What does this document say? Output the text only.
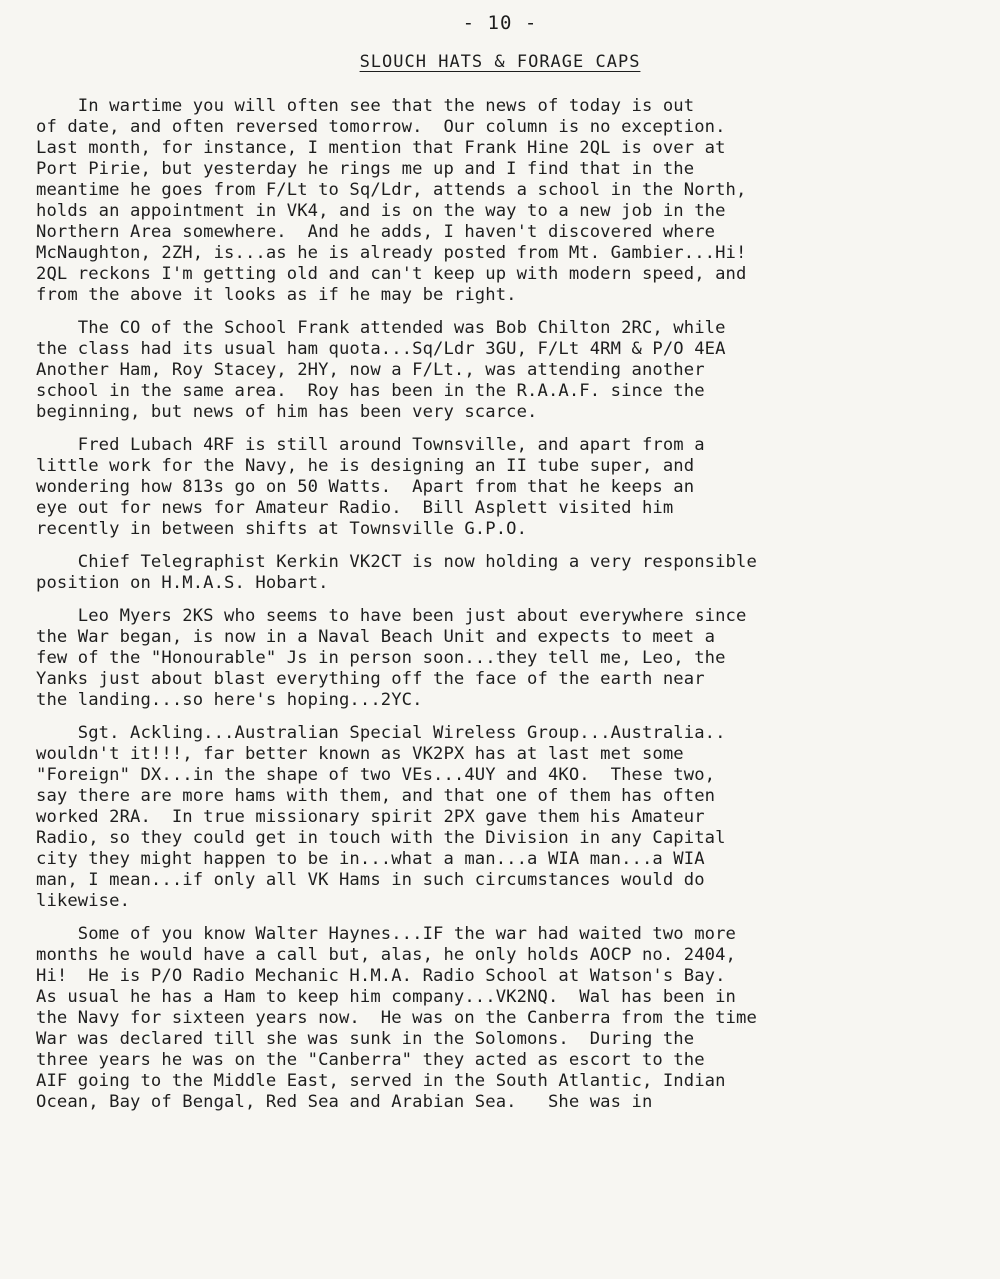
- 10 -
SLOUCH HATS & FORAGE CAPS
In wartime you will often see that the news of today is out
of date, and often reversed tomorrow.  Our column is no exception.
Last month, for instance, I mention that Frank Hine 2QL is over at
Port Pirie, but yesterday he rings me up and I find that in the
meantime he goes from F/Lt to Sq/Ldr, attends a school in the North,
holds an appointment in VK4, and is on the way to a new job in the
Northern Area somewhere.  And he adds, I haven't discovered where
McNaughton, 2ZH, is...as he is already posted from Mt. Gambier...Hi!
2QL reckons I'm getting old and can't keep up with modern speed, and
from the above it looks as if he may be right.
The CO of the School Frank attended was Bob Chilton 2RC, while
the class had its usual ham quota...Sq/Ldr 3GU, F/Lt 4RM & P/O 4EA
Another Ham, Roy Stacey, 2HY, now a F/Lt., was attending another
school in the same area.  Roy has been in the R.A.A.F. since the
beginning, but news of him has been very scarce.
Fred Lubach 4RF is still around Townsville, and apart from a
little work for the Navy, he is designing an II tube super, and
wondering how 813s go on 50 Watts.  Apart from that he keeps an
eye out for news for Amateur Radio.  Bill Asplett visited him
recently in between shifts at Townsville G.P.O.
Chief Telegraphist Kerkin VK2CT is now holding a very responsible
position on H.M.A.S. Hobart.
Leo Myers 2KS who seems to have been just about everywhere since
the War began, is now in a Naval Beach Unit and expects to meet a
few of the "Honourable" Js in person soon...they tell me, Leo, the
Yanks just about blast everything off the face of the earth near
the landing...so here's hoping...2YC.
Sgt. Ackling...Australian Special Wireless Group...Australia..
wouldn't it!!!, far better known as VK2PX has at last met some
"Foreign" DX...in the shape of two VEs...4UY and 4KO.  These two,
say there are more hams with them, and that one of them has often
worked 2RA.  In true missionary spirit 2PX gave them his Amateur
Radio, so they could get in touch with the Division in any Capital
city they might happen to be in...what a man...a WIA man...a WIA
man, I mean...if only all VK Hams in such circumstances would do
likewise.
Some of you know Walter Haynes...IF the war had waited two more
months he would have a call but, alas, he only holds AOCP no. 2404,
Hi!  He is P/O Radio Mechanic H.M.A. Radio School at Watson's Bay.
As usual he has a Ham to keep him company...VK2NQ.  Wal has been in
the Navy for sixteen years now.  He was on the Canberra from the time
War was declared till she was sunk in the Solomons.  During the
three years he was on the "Canberra" they acted as escort to the
AIF going to the Middle East, served in the South Atlantic, Indian
Ocean, Bay of Bengal, Red Sea and Arabian Sea.   She was in
